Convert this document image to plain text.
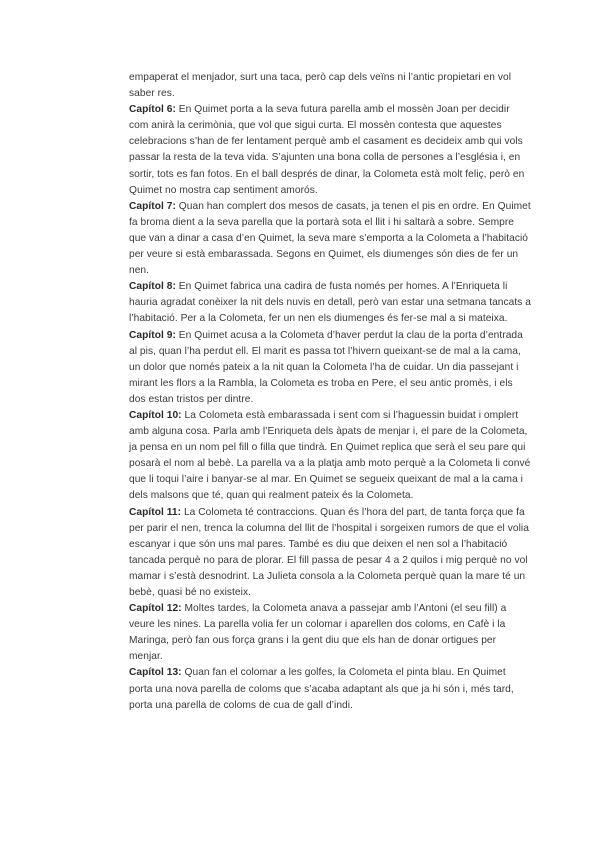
empaperat el menjador, surt una taca, però cap dels veïns ni l’antic propietari en vol saber res.

Capítol 6: En Quimet porta a la seva futura parella amb el mossèn Joan per decidir com anirà la cerimònia, que vol que sigui curta. El mossèn contesta que aquestes celebracions s’han de fer lentament perquè amb el casament es decideix amb qui vols passar la resta de la teva vida. S’ajunten una bona colla de persones a l’església i, en sortir, tots es fan fotos. En el ball després de dinar, la Colometa està molt feliç, però en Quimet no mostra cap sentiment amorós.

Capítol 7: Quan han complert dos mesos de casats, ja tenen el pis en ordre. En Quimet fa broma dient a la seva parella que la portarà sota el llit i hi saltarà a sobre. Sempre que van a dinar a casa d’en Quimet, la seva mare s’emporta a la Colometa a l’habitació per veure si està embarassada. Segons en Quimet, els diumenges són dies de fer un nen.

Capítol 8: En Quimet fabrica una cadira de fusta només per homes. A l’Enriqueta li hauria agradat conèixer la nit dels nuvis en detall, però van estar una setmana tancats a l’habitació. Per a la Colometa, fer un nen els diumenges és fer-se mal a si mateixa.

Capítol 9: En Quimet acusa a la Colometa d’haver perdut la clau de la porta d’entrada al pis, quan l’ha perdut ell. El marit es passa tot l’hivern queixant-se de mal a la cama, un dolor que només pateix a la nit quan la Colometa l’ha de cuidar. Un dia passejant i mirant les flors a la Rambla, la Colometa es troba en Pere, el seu antic promès, i els dos estan tristos per dintre.

Capítol 10: La Colometa està embarassada i sent com si l’haguessin buidat i omplert amb alguna cosa. Parla amb l’Enriqueta dels àpats de menjar i, el pare de la Colometa, ja pensa en un nom pel fill o filla que tindrà. En Quimet replica que serà el seu pare qui posarà el nom al bebè. La parella va a la platja amb moto perquè a la Colometa li convé que li toqui l’aire i banyar-se al mar. En Quimet se segueix queixant de mal a la cama i dels malsons que té, quan qui realment pateix és la Colometa.

Capítol 11: La Colometa té contraccions. Quan és l’hora del part, de tanta força que fa per parir el nen, trenca la columna del llit de l’hospital i sorgeixen rumors de que el volia escanyar i que són uns mal pares. També es diu que deixen el nen sol a l’habitació tancada perquè no para de plorar. El fill passa de pesar 4 a 2 quilos i mig perquè no vol mamar i s’està desnodrint. La Julieta consola a la Colometa perquè quan la mare té un bebè, quasi bé no existeix.

Capítol 12: Moltes tardes, la Colometa anava a passejar amb l’Antoni (el seu fill) a veure les nines. La parella volia fer un colomar i aparellen dos coloms, en Cafè i la Maringa, però fan ous força grans i la gent diu que els han de donar ortigues per menjar.

Capítol 13: Quan fan el colomar a les golfes, la Colometa el pinta blau. En Quimet porta una nova parella de coloms que s’acaba adaptant als que ja hi són i, més tard, porta una parella de coloms de cua de gall d’indi.
